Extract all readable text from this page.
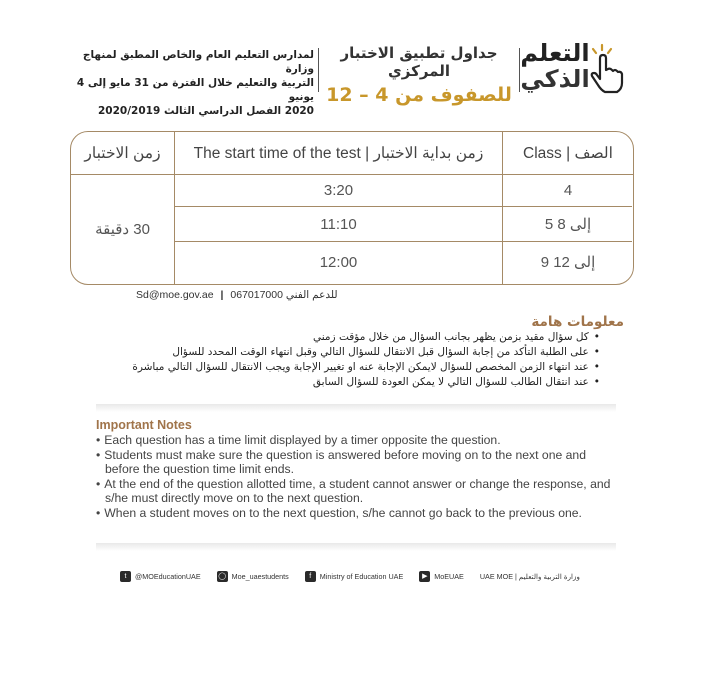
التعلم
الذكي
جداول تطبيق الاختبار المركزي
للصفوف من 4 – 12
لمدارس التعليم العام والخاص المطبق لمنهاج وزارة
التربية والتعليم خلال الفترة من 31 مايو إلى 4 يونيو
2020 الفصل الدراسي الثالث 2020/2019
زمن الاختبار	The start time of the test | زمن بداية الاختبار	Class | الصف
3:20	4
11:10	5 إلى 8
12:00	9 إلى 12
30 دقيقة
Sd@moe.gov.ae | 067017000 للدعم الفني
معلومات هامة
• كل سؤال مقيد بزمن يظهر بجانب السؤال من خلال مؤقت زمني
• على الطلبة التأكد من إجابة السؤال قبل الانتقال للسؤال التالي وقبل انتهاء الوقت المحدد للسؤال
• عند انتهاء الزمن المخصص للسؤال لايمكن الإجابة عنه او تغيير الإجابة ويجب الانتقال للسؤال التالي مباشرة
• عند انتقال الطالب للسؤال التالي لا يمكن العودة للسؤال السابق
Important Notes
• Each question has a time limit displayed by a timer opposite the question.
• Students must make sure the question is answered before moving on to the next one and before the question time limit ends.
• At the end of the question allotted time, a student cannot answer or change the response, and s/he must directly move on to the next question.
• When a student moves on to the next question, s/he cannot go back to the previous one.
t	@MOEducationUAE	◯ Moe_uaestudents	f	Ministry of Education UAE	▶ MoEUAE UAE MOE | وزارة التربية والتعليم
